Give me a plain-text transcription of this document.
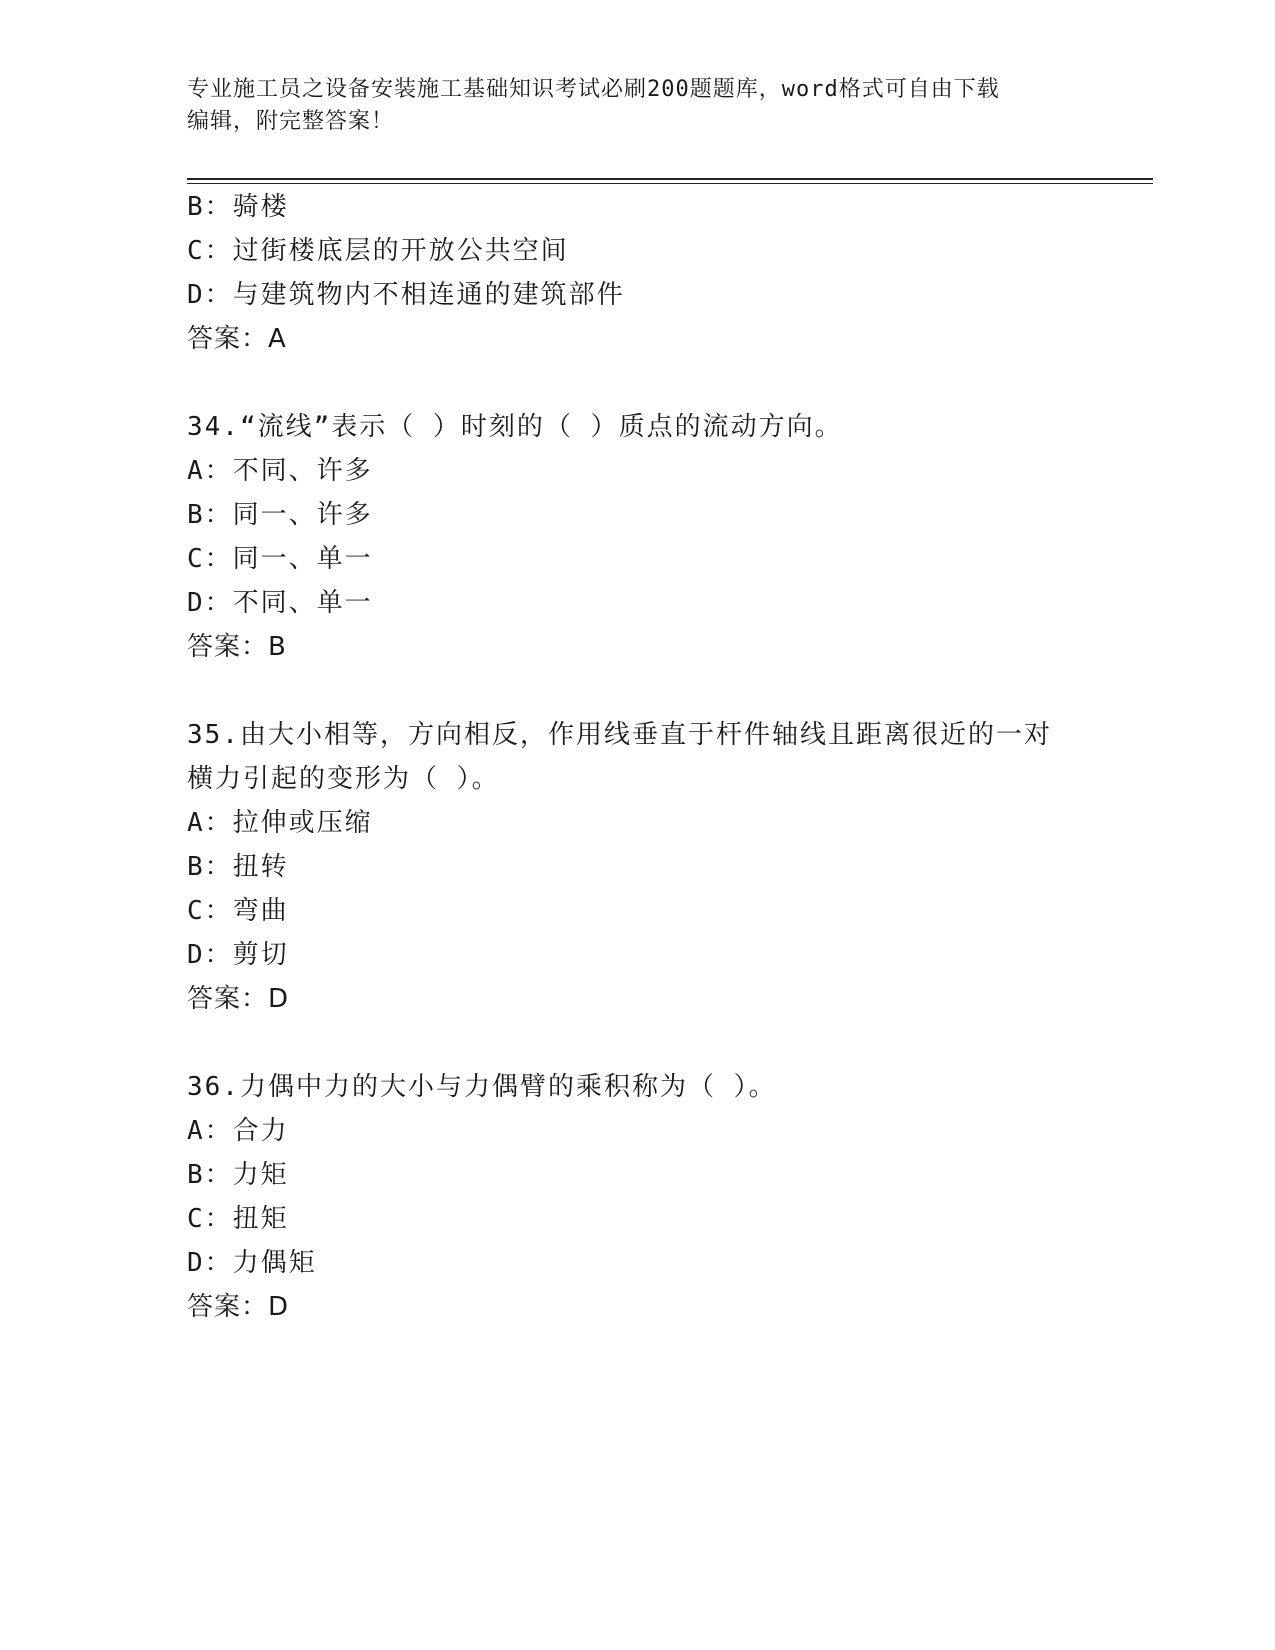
专业施工员之设备安装施工基础知识考试必刷200题题库，word格式可自由下载
编辑，附完整答案！
B：骑楼
C：过街楼底层的开放公共空间
D：与建筑物内不相连通的建筑部件
答案：A
34.“流线”表示（ ）时刻的（ ）质点的流动方向。
A：不同、许多
B：同一、许多
C：同一、单一
D：不同、单一
答案：B
35.由大小相等，方向相反，作用线垂直于杆件轴线且距离很近的一对
横力引起的变形为（ ）。
A：拉伸或压缩
B：扭转
C：弯曲
D：剪切
答案：D
36.力偶中力的大小与力偶臂的乘积称为（ ）。
A：合力
B：力矩
C：扭矩
D：力偶矩
答案：D
